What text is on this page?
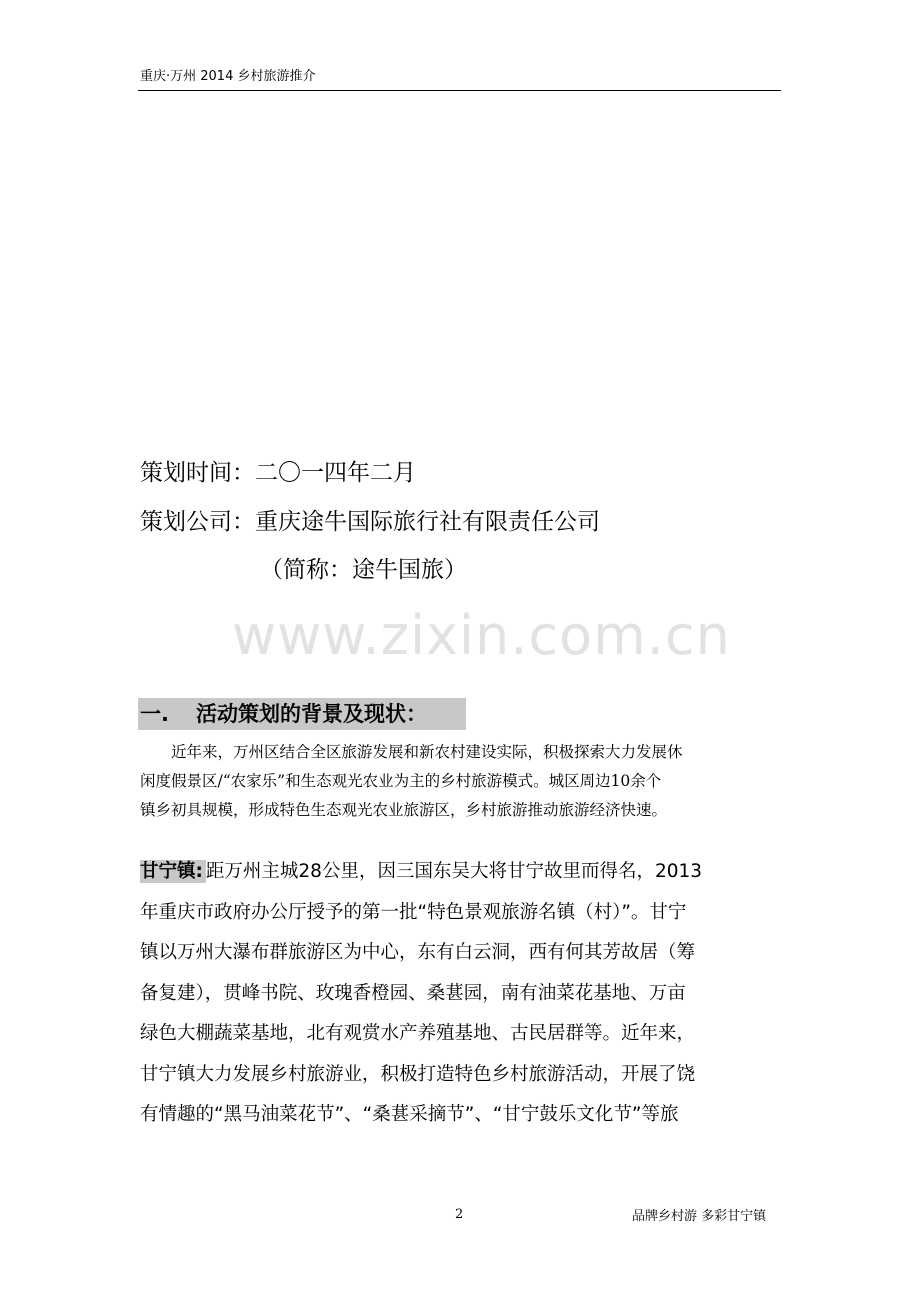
重庆·万州 2014 乡村旅游推介
策划时间：二〇一四年二月
策划公司：重庆途牛国际旅行社有限责任公司
（简称：途牛国旅）
www.zixin.com.cn
一. 活动策划的背景及现状：
近年来，万州区结合全区旅游发展和新农村建设实际，积极探索大力发展休
闲度假景区/“农家乐”和生态观光农业为主的乡村旅游模式。城区周边10余个
镇乡初具规模，形成特色生态观光农业旅游区，乡村旅游推动旅游经济快速。
甘宁镇: 距万州主城28公里，因三国东吴大将甘宁故里而得名，2013
年重庆市政府办公厅授予的第一批“特色景观旅游名镇（村）”。甘宁
镇以万州大瀑布群旅游区为中心，东有白云洞，西有何其芳故居（筹
备复建），贯峰书院、玫瑰香橙园、桑葚园，南有油菜花基地、万亩
绿色大棚蔬菜基地，北有观赏水产养殖基地、古民居群等。近年来，
甘宁镇大力发展乡村旅游业，积极打造特色乡村旅游活动，开展了饶
有情趣的“黑马油菜花节”、“桑葚采摘节”、“甘宁鼓乐文化节”等旅
2	品牌乡村游 多彩甘宁镇
